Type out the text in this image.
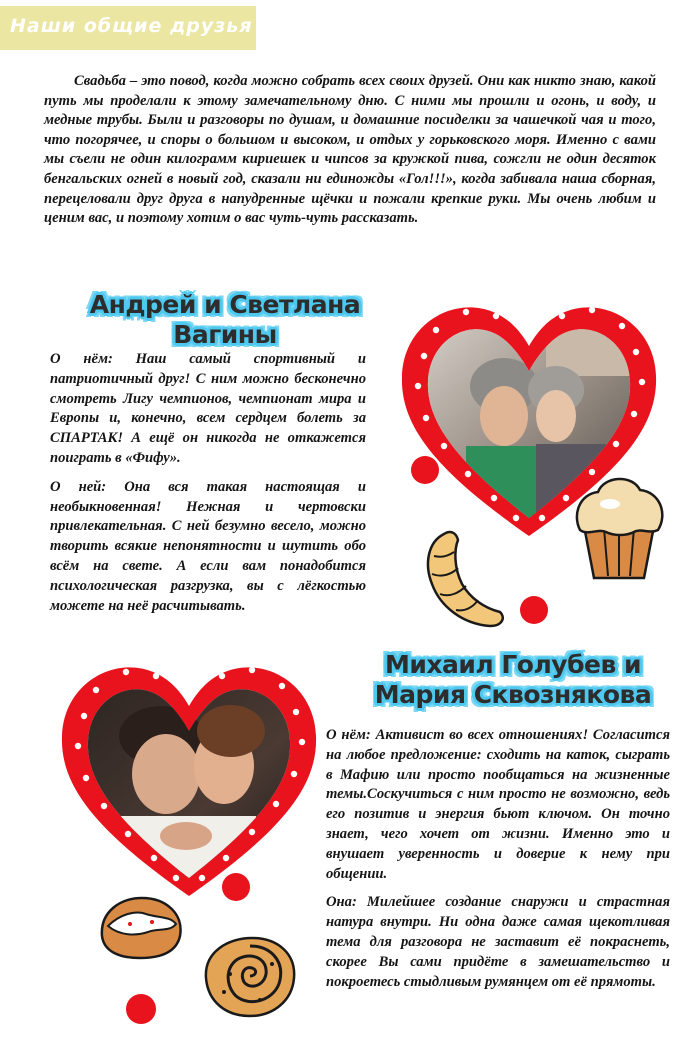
Наши общие друзья

Свадьба – это повод, когда можно собрать всех своих друзей. Они как никто знаю, какой путь мы проделали к этому замечательному дню. С ними мы прошли и огонь, и воду, и медные трубы. Были и разговоры по душам, и домашние посиделки за чашечкой чая и того, что погорячее, и споры о большом и высоком, и отдых у горьковского моря. Именно с вами мы съели не один килограмм кириешек и чипсов за кружкой пива, сожгли не один десяток бенгальских огней в новый год, сказали ни единожды «Гол!!!», когда забивала наша сборная, перецеловали друг друга в напудренные щёчки и пожали крепкие руки. Мы очень любим и ценим вас, и поэтому хотим о вас чуть-чуть рассказать.

Андрей и Светлана
Вагины

О нём: Наш самый спортивный и патриотичный друг! С ним можно бесконечно смотреть Лигу чемпионов, чемпионат мира и Европы и, конечно, всем сердцем болеть за СПАРТАК! А ещё он никогда не откажется поиграть в «Фифу».

О ней: Она вся такая настоящая и необыкновенная! Нежная и чертовски привлекательная. С ней безумно весело, можно творить всякие непонятности и шутить обо всём на свете. А если вам понадобится психологическая разгрузка, вы с лёгкостью можете на неё расчитывать.

Михаил Голубев и
Мария Сквознякова

О нём: Активист во всех отношениях! Согласится на любое предложение: сходить на каток, сыграть в Мафию или просто пообщаться на жизненные темы.Соскучиться с ним просто не возможно, ведь его позитив и энергия бьют ключом. Он точно знает, чего хочет от жизни. Именно это и внушает уверенность и доверие к нему при общении.

Она: Милейшее создание снаружи и страстная натура внутри. Ни одна даже самая щекотливая тема для разговора не заставит её покраснеть, скорее Вы сами придёте в замешательство и покроетесь стыдливым румянцем от её прямоты.
